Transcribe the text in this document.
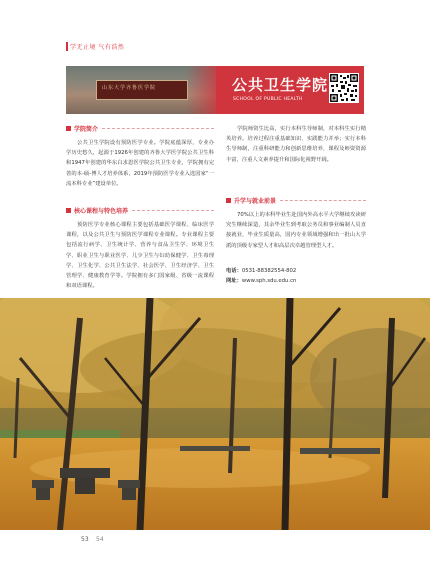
学无止境 气有浩然
山东大学齐鲁医学院	公共卫生学院
SCHOOL OF PUBLIC HEALTH
学院简介
公共卫生学院设有预防医学专业。学院底蕴深厚，专业办学历史悠久，起源于1926年创建的齐鲁大学医学院公共卫生科和1947年创建的华东白求恩医学院公共卫生专业，学院拥有完善的本-硕-博人才培养体系，2019年预防医学专业入选国家“一流本科专业”建设单位。
核心课程与特色培养
预防医学专业核心课程主要包括基础医学课程、临床医学课程，以及公共卫生与预防医学课程专业课程。专业课程主要包括流行病学、卫生统计学、营养与食品卫生学、环境卫生学、职业卫生与职业医学、儿少卫生与妇幼保健学、卫生毒理学、卫生化学、公共卫生法学、社会医学、卫生经济学、卫生管理学、健康教育学等。学院拥有多门国家级、省级一流课程和双语课程。
学院师资生比高，实行本科生导师制，对本科生实行精英培养。培养过程注重基础知识、实践能力并举；实行本科生导师制，注重科研能力和创新思维培养，课程及师资资源丰富，注重人文素养提升和国际化视野开阔。
升学与就业前景
70%以上的本科毕业生赴国内外高水平大学继续攻读研究生继续深造，其余毕业生到考取公务员和事业编制人员直接就业，毕业生质量高，国内专业领域增强和出一批山大学派的顶级专家型人才和高层次卓越管理型人才。
电话：0531-88382554-802
网址：www.sph.sdu.edu.cn
53 54
